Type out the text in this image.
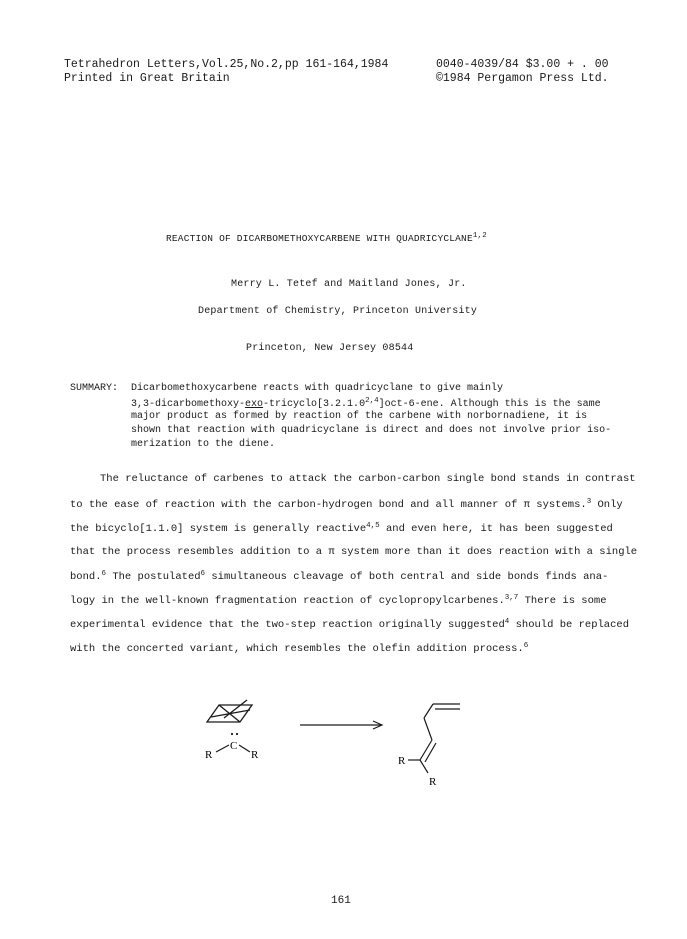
Tetrahedron Letters,Vol.25,No.2,pp 161-164,1984
Printed in Great Britain
0040-4039/84 $3.00 + . 00
©1984 Pergamon Press Ltd.
REACTION OF DICARBOMETHOXYCARBENE WITH QUADRICYCLANE$^{1,2}$
Merry L. Tetef and Maitland Jones, Jr.
Department of Chemistry, Princeton University
Princeton, New Jersey 08544
SUMMARY: Dicarbomethoxycarbene reacts with quadricyclane to give mainly
3,3-dicarbomethoxy-exo-tricyclo[3.2.1.0$^{2,4}$]oct-6-ene. Although this is the same
major product as formed by reaction of the carbene with norbornadiene, it is
shown that reaction with quadricyclane is direct and does not involve prior iso-
merization to the diene.
The reluctance of carbenes to attack the carbon-carbon single bond stands in contrast
to the ease of reaction with the carbon-hydrogen bond and all manner of π systems.$^3$ Only
the bicyclo[1.1.0] system is generally reactive$^{4,5}$ and even here, it has been suggested
that the process resembles addition to a π system more than it does reaction with a single
bond.$^6$ The postulated$^6$ simultaneous cleavage of both central and side bonds finds ana-
logy in the well-known fragmentation reaction of cyclopropylcarbenes.$^{3,7}$ There is some
experimental evidence that the two-step reaction originally suggested$^4$ should be replaced
with the concerted variant, which resembles the olefin addition process.$^6$
R
C
R	R
R
161
